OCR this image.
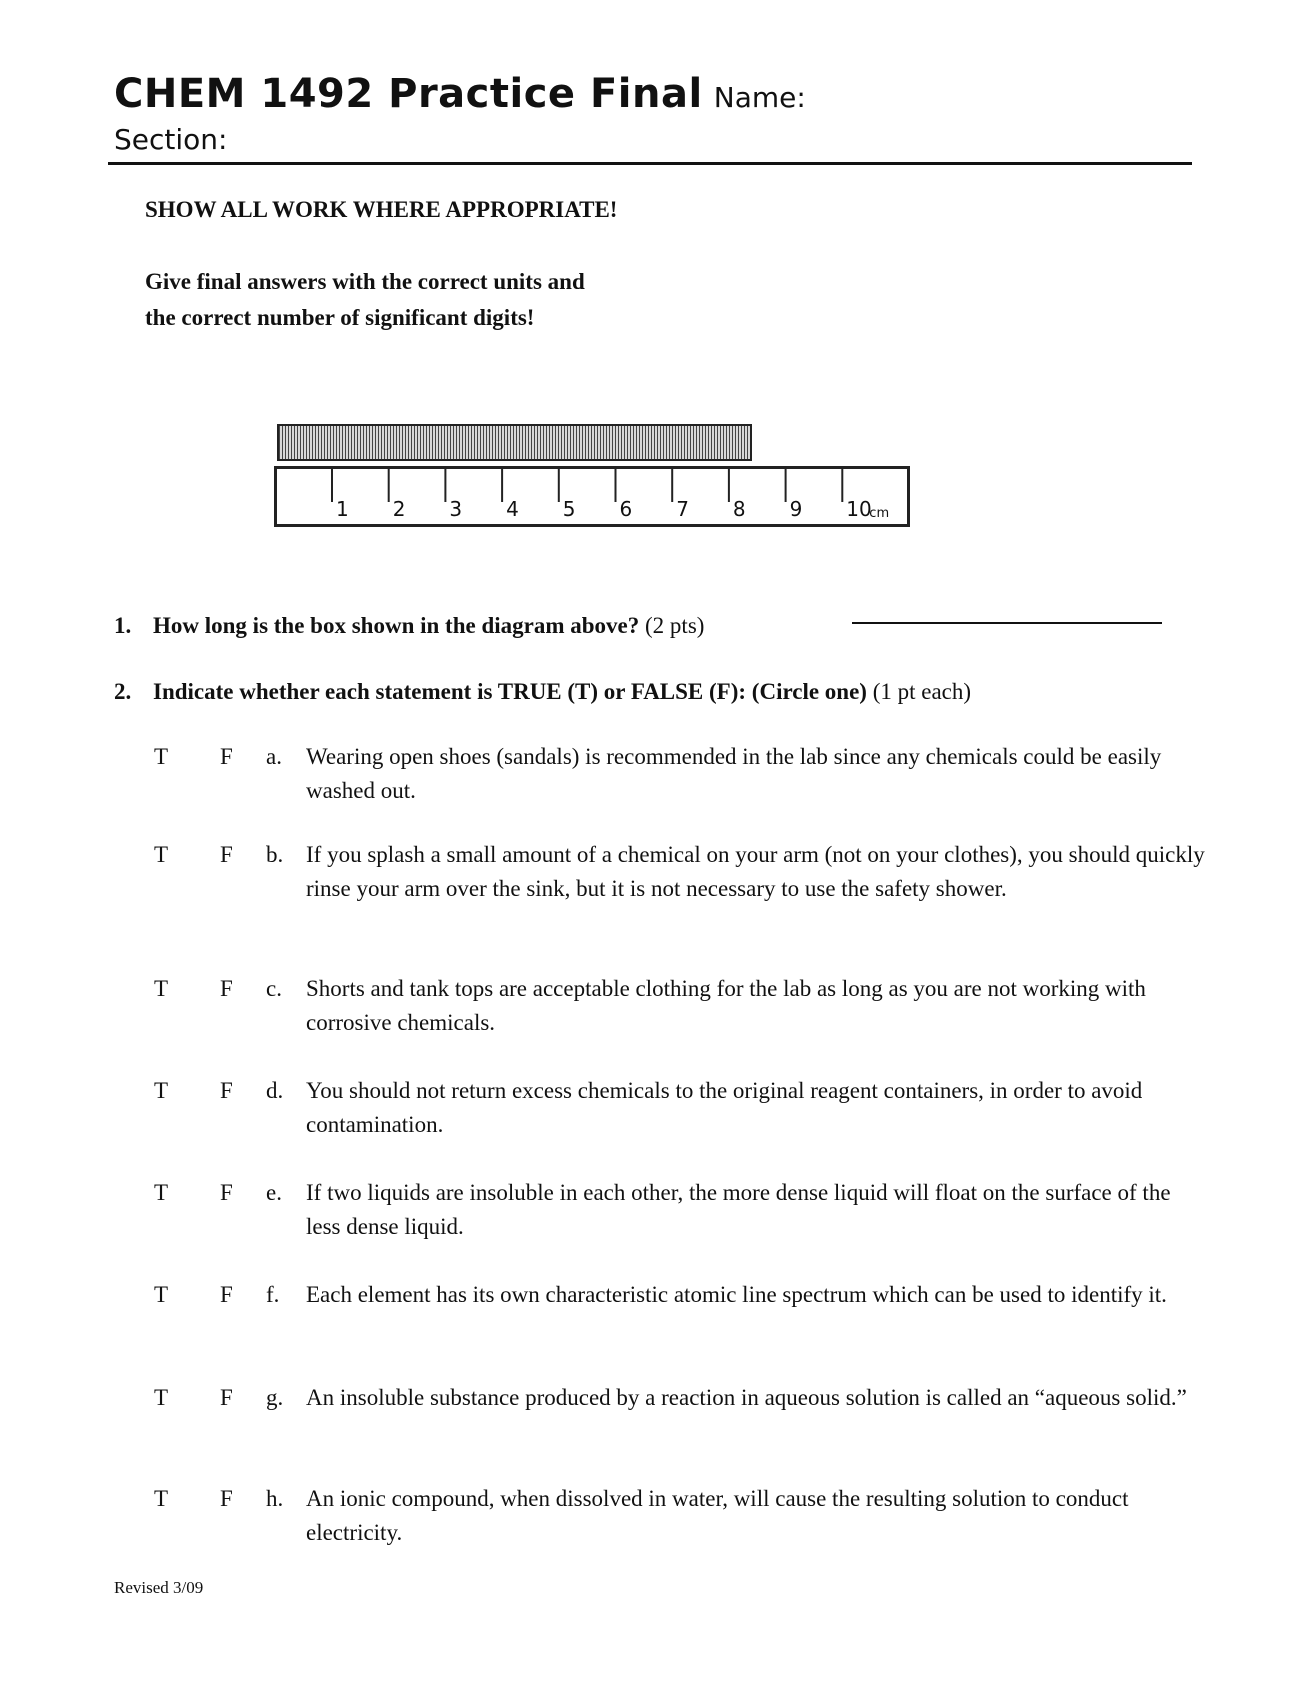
CHEM 1492 Practice Final Name:
Section:
SHOW ALL WORK WHERE APPROPRIATE!
Give final answers with the correct units and
the correct number of significant digits!
1 2 3 4 5 6 7 8 9 10
cm
1. How long is the box shown in the diagram above? (2 pts)
2. Indicate whether each statement is TRUE (T) or FALSE (F): (Circle one) (1 pt each)
T F a. Wearing open shoes (sandals) is recommended in the lab since any chemicals could be easily washed out.
T F b. If you splash a small amount of a chemical on your arm (not on your clothes), you should quickly rinse your arm over the sink, but it is not necessary to use the safety shower.
T F c. Shorts and tank tops are acceptable clothing for the lab as long as you are not working with corrosive chemicals.
T F d. You should not return excess chemicals to the original reagent containers, in order to avoid contamination.
T F e. If two liquids are insoluble in each other, the more dense liquid will float on the surface of the less dense liquid.
T F f. Each element has its own characteristic atomic line spectrum which can be used to identify it.
T F g. An insoluble substance produced by a reaction in aqueous solution is called an “aqueous solid.”
T F h. An ionic compound, when dissolved in water, will cause the resulting solution to conduct electricity.
Revised 3/09
